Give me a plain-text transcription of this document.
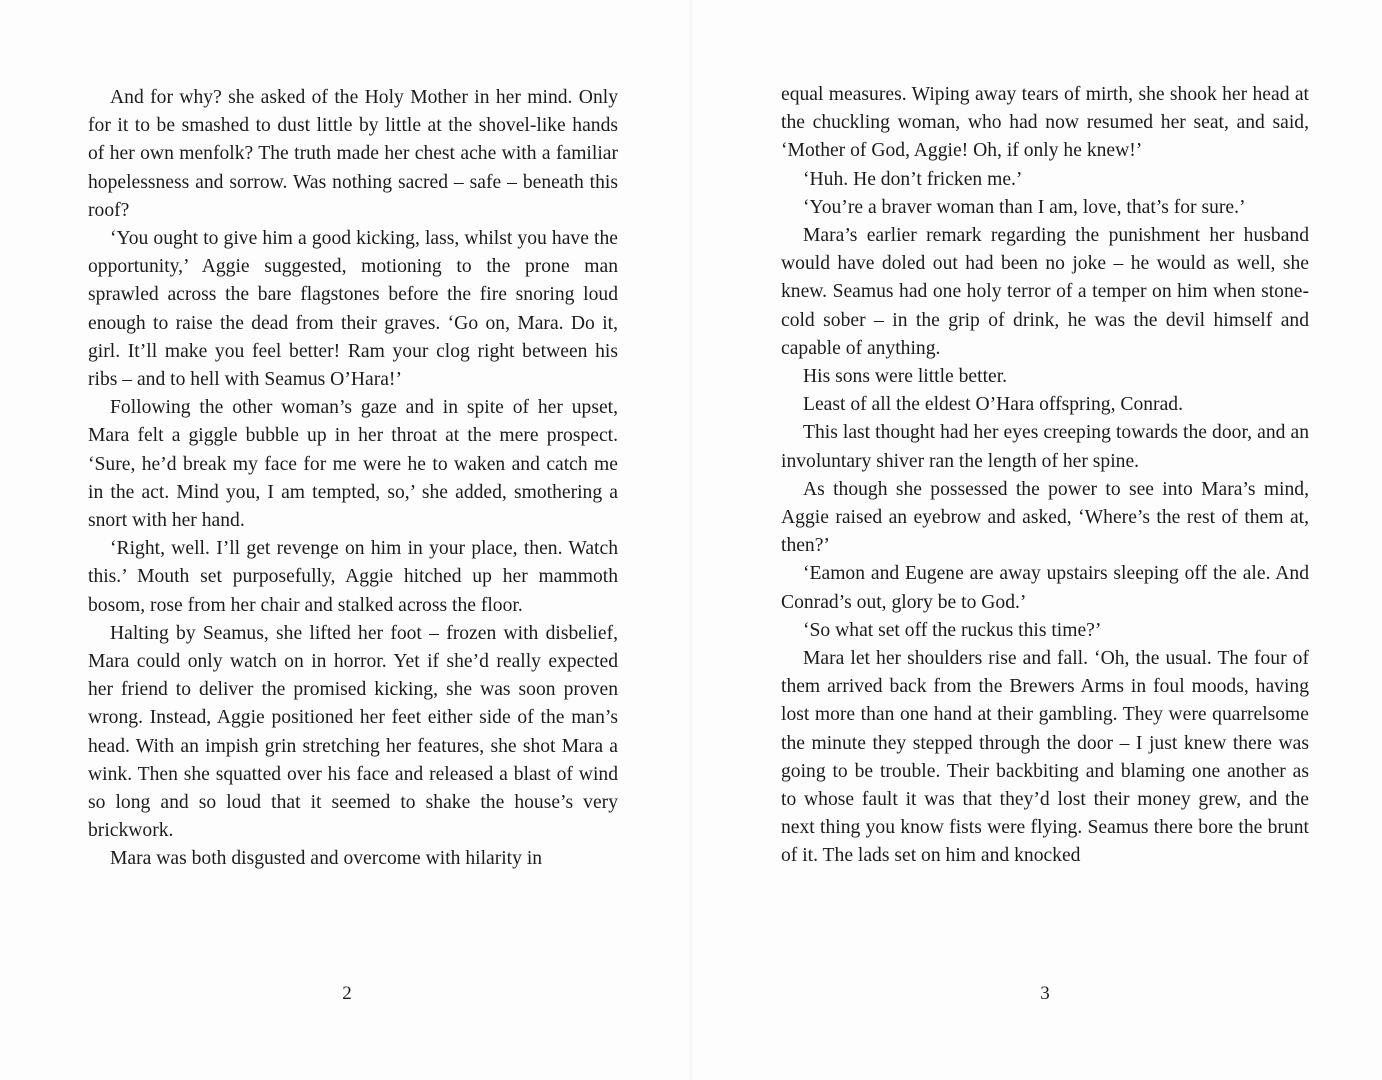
And for why? she asked of the Holy Mother in her mind. Only for it to be smashed to dust little by little at the shovel-like hands of her own menfolk? The truth made her chest ache with a familiar hopelessness and sorrow. Was nothing sacred – safe – beneath this roof?

‘You ought to give him a good kicking, lass, whilst you have the opportunity,’ Aggie suggested, motioning to the prone man sprawled across the bare flagstones before the fire snoring loud enough to raise the dead from their graves. ‘Go on, Mara. Do it, girl. It’ll make you feel better! Ram your clog right between his ribs – and to hell with Seamus O’Hara!’

Following the other woman’s gaze and in spite of her upset, Mara felt a giggle bubble up in her throat at the mere prospect. ‘Sure, he’d break my face for me were he to waken and catch me in the act. Mind you, I am tempted, so,’ she added, smothering a snort with her hand.

‘Right, well. I’ll get revenge on him in your place, then. Watch this.’ Mouth set purposefully, Aggie hitched up her mammoth bosom, rose from her chair and stalked across the floor.

Halting by Seamus, she lifted her foot – frozen with disbelief, Mara could only watch on in horror. Yet if she’d really expected her friend to deliver the promised kicking, she was soon proven wrong. Instead, Aggie positioned her feet either side of the man’s head. With an impish grin stretching her features, she shot Mara a wink. Then she squatted over his face and released a blast of wind so long and so loud that it seemed to shake the house’s very brickwork.

Mara was both disgusted and overcome with hilarity in

2

equal measures. Wiping away tears of mirth, she shook her head at the chuckling woman, who had now resumed her seat, and said, ‘Mother of God, Aggie! Oh, if only he knew!’

‘Huh. He don’t fricken me.’

‘You’re a braver woman than I am, love, that’s for sure.’

Mara’s earlier remark regarding the punishment her husband would have doled out had been no joke – he would as well, she knew. Seamus had one holy terror of a temper on him when stone-cold sober – in the grip of drink, he was the devil himself and capable of anything.

His sons were little better.

Least of all the eldest O’Hara offspring, Conrad.

This last thought had her eyes creeping towards the door, and an involuntary shiver ran the length of her spine.

As though she possessed the power to see into Mara’s mind, Aggie raised an eyebrow and asked, ‘Where’s the rest of them at, then?’

‘Eamon and Eugene are away upstairs sleeping off the ale. And Conrad’s out, glory be to God.’

‘So what set off the ruckus this time?’

Mara let her shoulders rise and fall. ‘Oh, the usual. The four of them arrived back from the Brewers Arms in foul moods, having lost more than one hand at their gambling. They were quarrelsome the minute they stepped through the door – I just knew there was going to be trouble. Their backbiting and blaming one another as to whose fault it was that they’d lost their money grew, and the next thing you know fists were flying. Seamus there bore the brunt of it. The lads set on him and knocked

3
